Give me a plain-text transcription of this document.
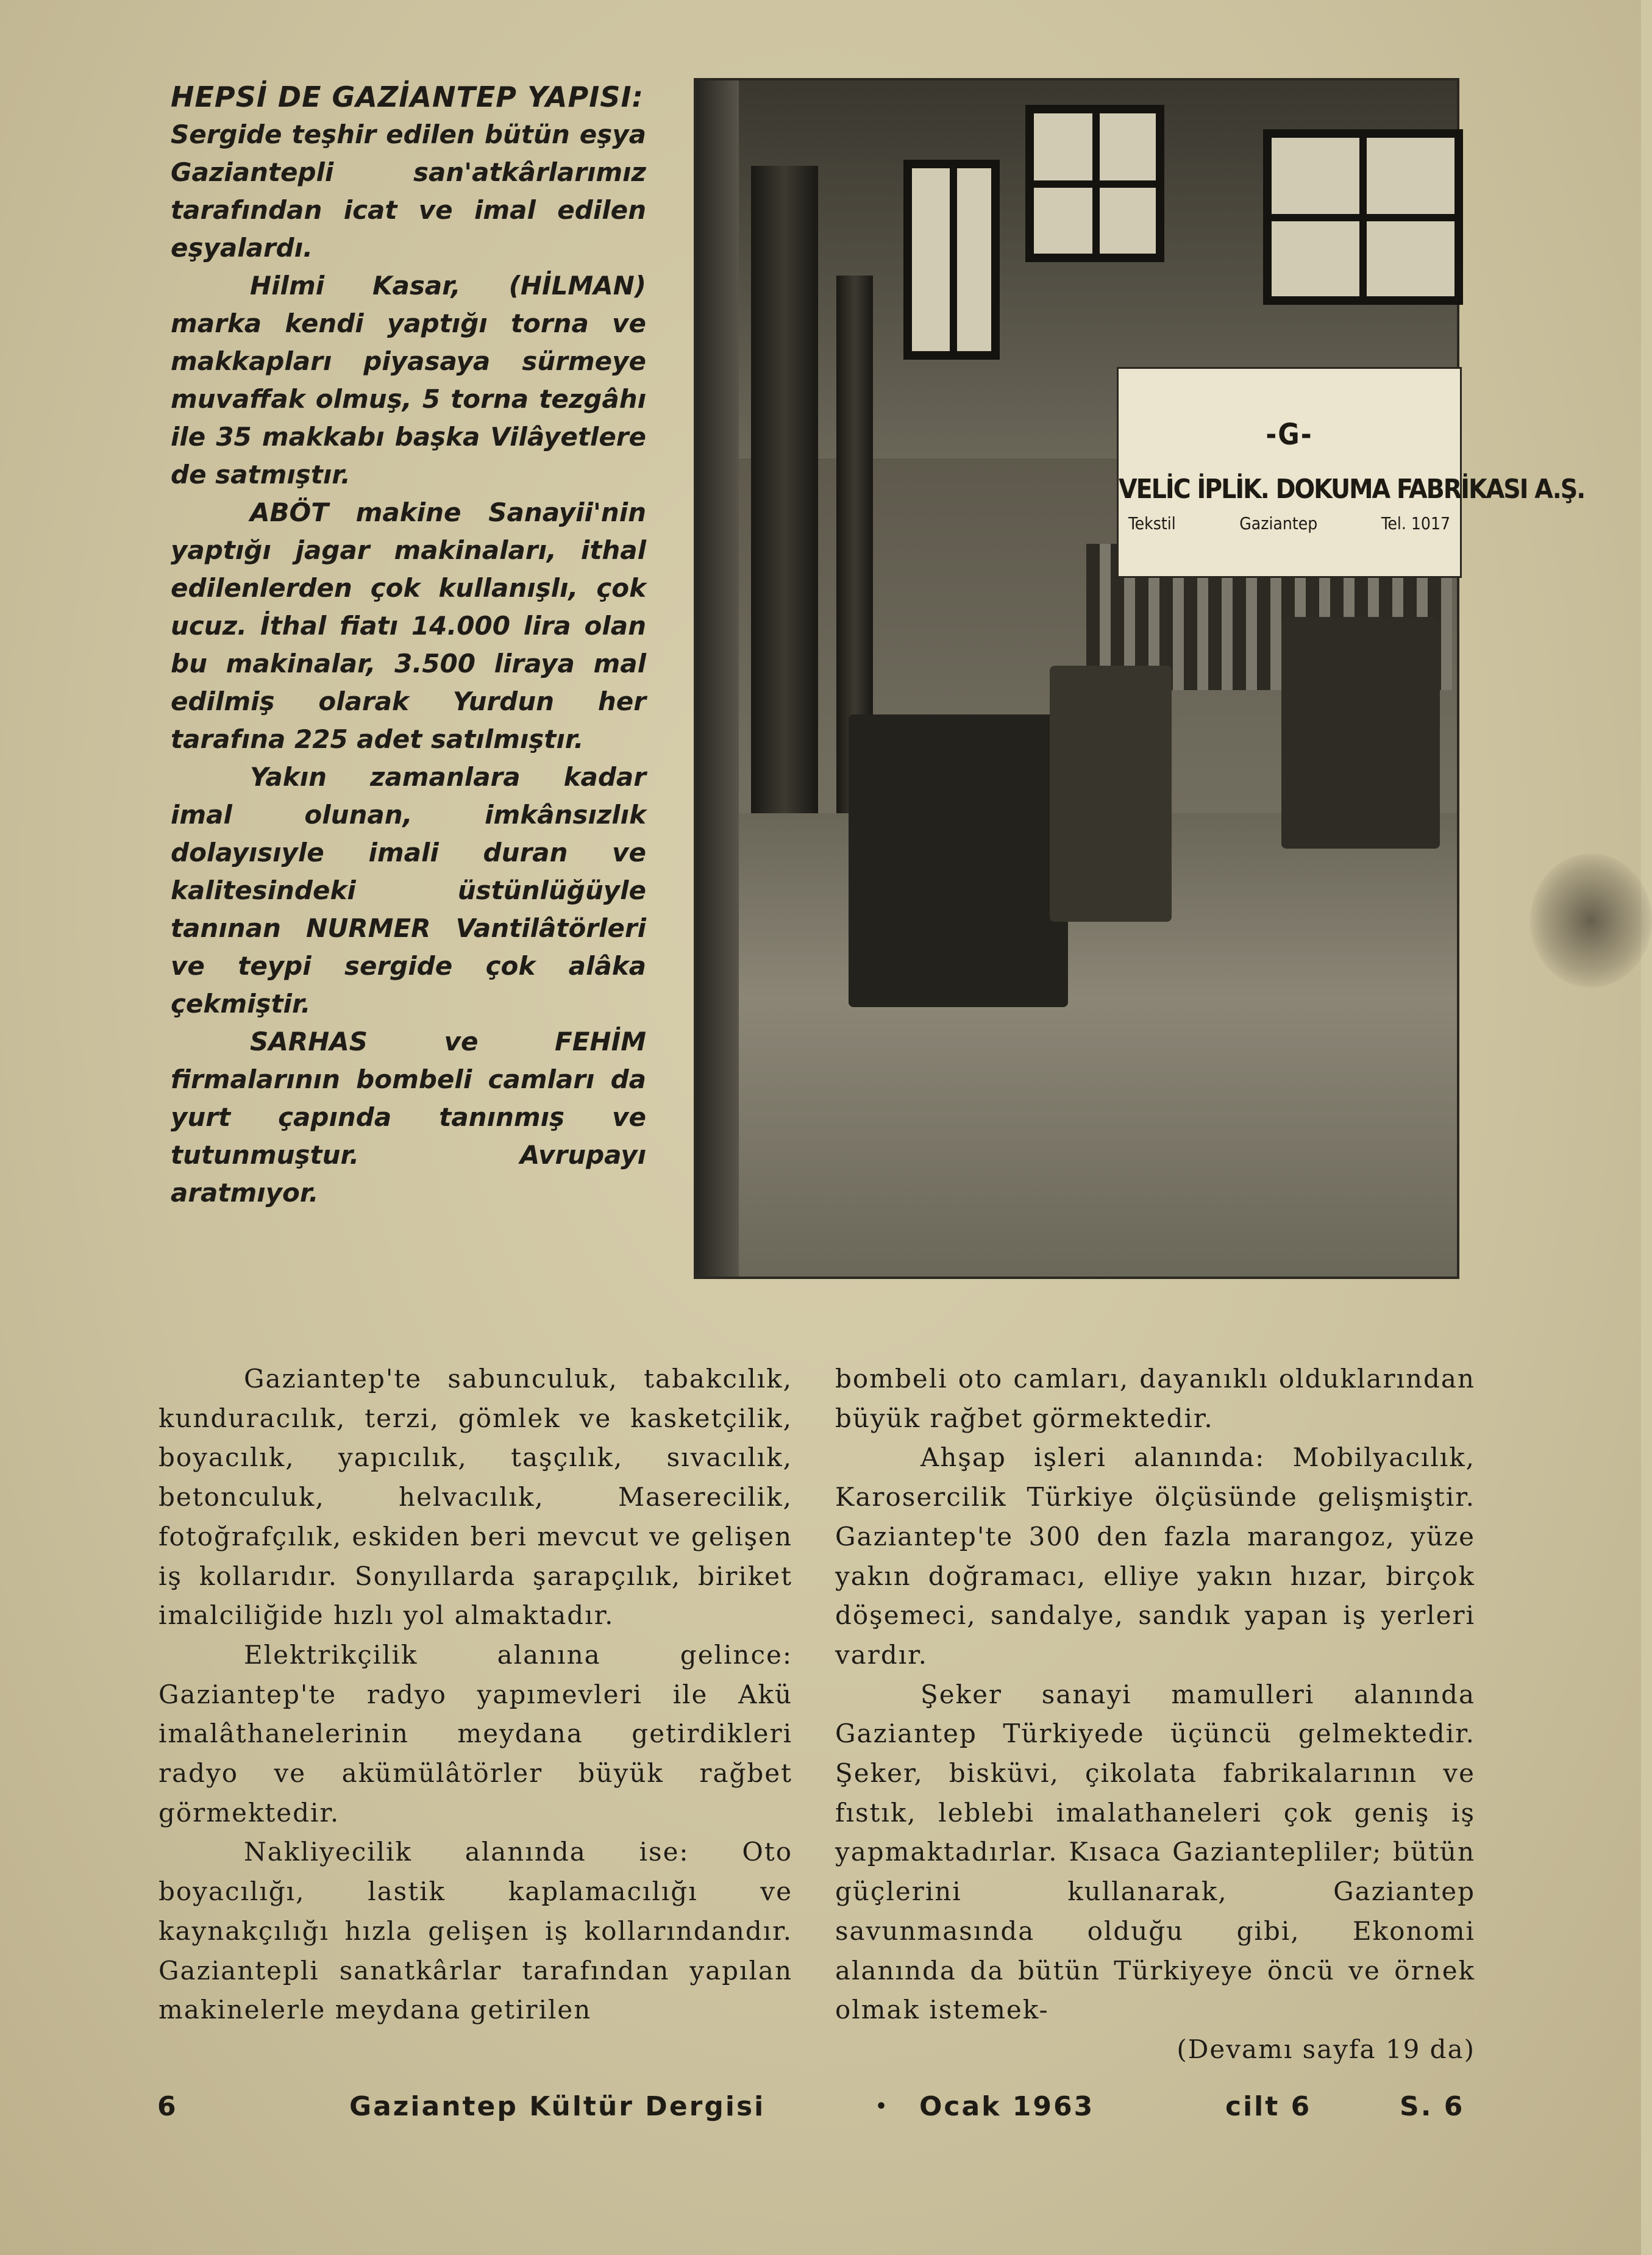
HEPSİ DE GAZİANTEP YAPISI:

Sergide teşhir edilen bütün eşya Gaziantepli san'atkârlarımız tarafından icat ve imal edilen eşyalardı.

Hilmi Kasar, (HİLMAN) marka kendi yaptığı torna ve makkapları piyasaya sürmeye muvaffak olmuş, 5 torna tezgâhı ile 35 makkabı başka Vilâyetlere de satmıştır.

ABÖT makine Sanayii'nin yaptığı jagar makinaları, ithal edilenlerden çok kullanışlı, çok ucuz. İthal fiatı 14.000 lira olan bu makinalar, 3.500 liraya mal edilmiş olarak Yurdun her tarafına 225 adet satılmıştır.

Yakın zamanlara kadar imal olunan, imkânsızlık dolayısıyle imali duran ve kalitesindeki üstünlüğüyle tanınan NURMER Vantilâtörleri ve teypi sergide çok alâka çekmiştir.

SARHAS ve FEHİM firmalarının bombeli camları da yurt çapında tanınmış ve tutunmuştur. Avrupayı aratmıyor.

-G-
VELİC İPLİK. DOKUMA FABRİKASI A.Ş.
Tekstil	Gaziantep	Tel. 1017

Gaziantep'te sabunculuk, tabakcılık, kunduracılık, terzi, gömlek ve kasketçilik, boyacılık, yapıcılık, taşçılık, sıvacılık, betonculuk, helvacılık, Maserecilik, fotoğrafçılık, eskiden beri mevcut ve gelişen iş kollarıdır. Sonyıllarda şarapçılık, biriket imalciliğide hızlı yol almaktadır.

Elektrikçilik alanına gelince: Gaziantep'te radyo yapımevleri ile Akü imalâthanelerinin meydana getirdikleri radyo ve akümülâtörler büyük rağbet görmektedir.

Nakliyecilik alanında ise: Oto boyacılığı, lastik kaplamacılığı ve kaynakçılığı hızla gelişen iş kollarındandır. Gaziantepli sanatkârlar tarafından yapılan makinelerle meydana getirilen

bombeli oto camları, dayanıklı olduklarından büyük rağbet görmektedir.

Ahşap işleri alanında: Mobilyacılık, Karosercilik Türkiye ölçüsünde gelişmiştir. Gaziantep'te 300 den fazla marangoz, yüze yakın doğramacı, elliye yakın hızar, birçok döşemeci, sandalye, sandık yapan iş yerleri vardır.

Şeker sanayi mamulleri alanında Gaziantep Türkiyede üçüncü gelmektedir. Şeker, bisküvi, çikolata fabrikalarının ve fıstık, leblebi imalathaneleri çok geniş iş yapmaktadırlar. Kısaca Gaziantepliler; bütün güçlerini kullanarak, Gaziantep savunmasında olduğu gibi, Ekonomi alanında da bütün Türkiyeye öncü ve örnek olmak istemek-

(Devamı sayfa 19 da)

6	Gaziantep Kültür Dergisi	• Ocak 1963	cilt 6	S. 6
